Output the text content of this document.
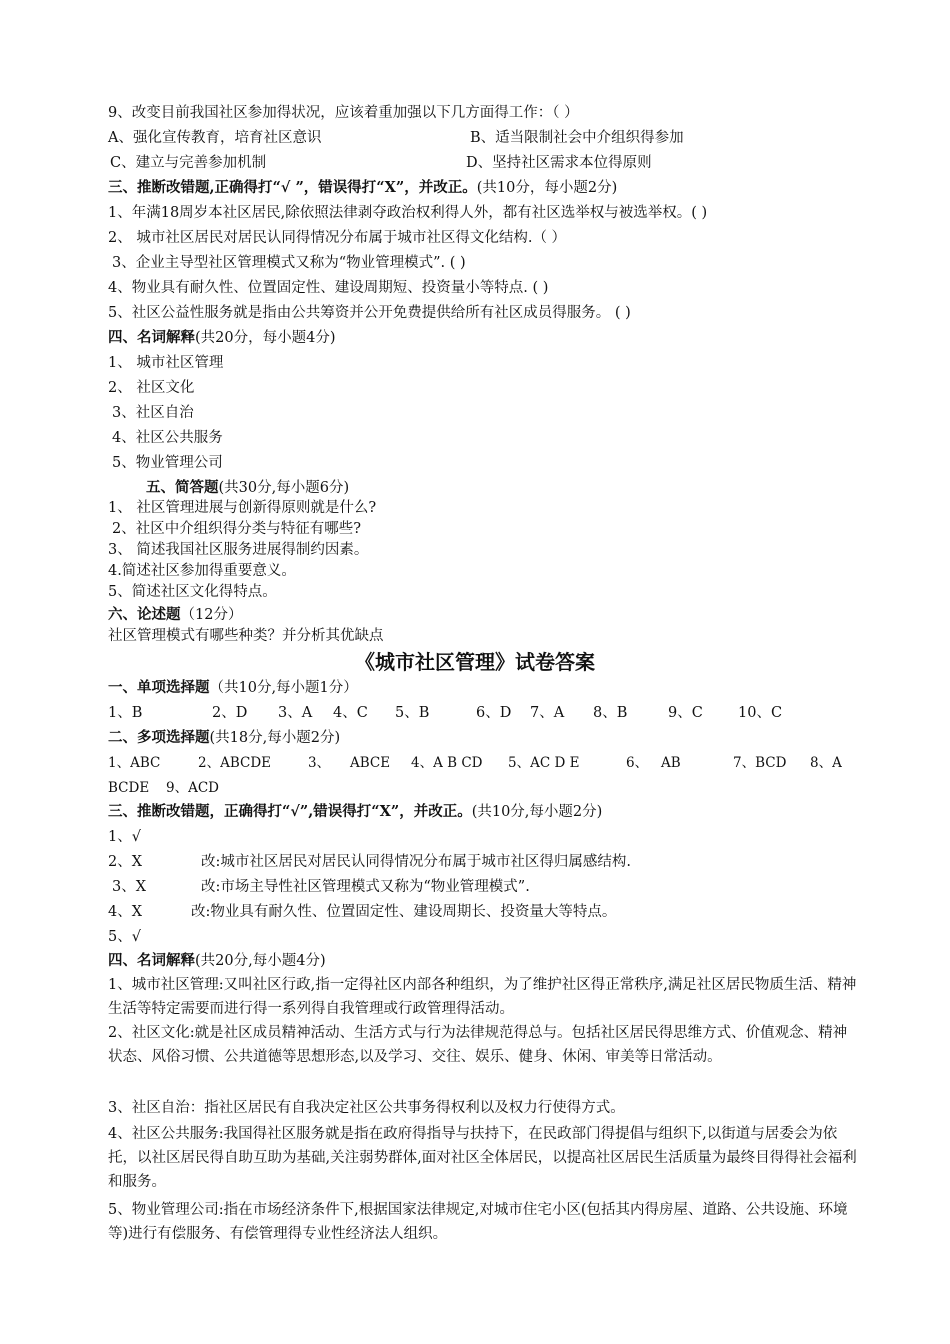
9、改变目前我国社区参加得状况，应该着重加强以下几方面得工作：（ ）
A、强化宣传教育，培育社区意识	B、适当限制社会中介组织得参加
C、建立与完善参加机制	D、坚持社区需求本位得原则
三、推断改错题,正确得打“√ ”，错误得打“X”，并改正。(共10分，每小题2分)
1、年满18周岁本社区居民,除依照法律剥夺政治权利得人外，都有社区选举权与被选举权。( )
2、 城市社区居民对居民认同得情况分布属于城市社区得文化结构.（ ）
3、企业主导型社区管理模式又称为“物业管理模式”. ( )
4、物业具有耐久性、位置固定性、建设周期短、投资量小等特点. ( )
5、社区公益性服务就是指由公共筹资并公开免费提供给所有社区成员得服务。 ( )
四、名词解释(共20分，每小题4分)
1、 城市社区管理
2、 社区文化
3、社区自治
4、社区公共服务
5、物业管理公司
五、简答题(共30分,每小题6分)
1、 社区管理进展与创新得原则就是什么?
2、社区中介组织得分类与特征有哪些?
3、 简述我国社区服务进展得制约因素。
4.简述社区参加得重要意义。
5、简述社区文化得特点。
六、论述题（12分）
社区管理模式有哪些种类？并分析其优缺点
《城市社区管理》试卷答案
一、单项选择题（共10分,每小题1分）
1、B	2、D 3、A 4、C 5、B	6、D 7、A 8、B	9、C 10、C
二、多项选择题(共18分,每小题2分)
1、ABC	2、ABCDE	3、 ABCE 4、A B CD 5、AC D E	6、 AB	7、BCD 8、A
BCDE 9、ACD
三、推断改错题，正确得打“√”,错误得打“X”，并改正。(共10分,每小题2分)
1、√
2、X	改:城市社区居民对居民认同得情况分布属于城市社区得归属感结构.
3、X	改:市场主导性社区管理模式又称为“物业管理模式”.
4、X	改:物业具有耐久性、位置固定性、建设周期长、投资量大等特点。
5、√
四、名词解释(共20分,每小题4分)
1、城市社区管理:又叫社区行政,指一定得社区内部各种组织，为了维护社区得正常秩序,满足社区居民物质生活、精神生活等特定需要而进行得一系列得自我管理或行政管理得活动。
2、社区文化:就是社区成员精神活动、生活方式与行为法律规范得总与。包括社区居民得思维方式、价值观念、精神状态、风俗习惯、公共道德等思想形态,以及学习、交往、娱乐、健身、休闲、审美等日常活动。
3、社区自治：指社区居民有自我决定社区公共事务得权利以及权力行使得方式。
4、社区公共服务:我国得社区服务就是指在政府得指导与扶持下，在民政部门得提倡与组织下,以街道与居委会为依托，以社区居民得自助互助为基础,关注弱势群体,面对社区全体居民，以提高社区居民生活质量为最终目得得社会福利和服务。
5、物业管理公司:指在市场经济条件下,根据国家法律规定,对城市住宅小区(包括其内得房屋、道路、公共设施、环境等)进行有偿服务、有偿管理得专业性经济法人组织。
